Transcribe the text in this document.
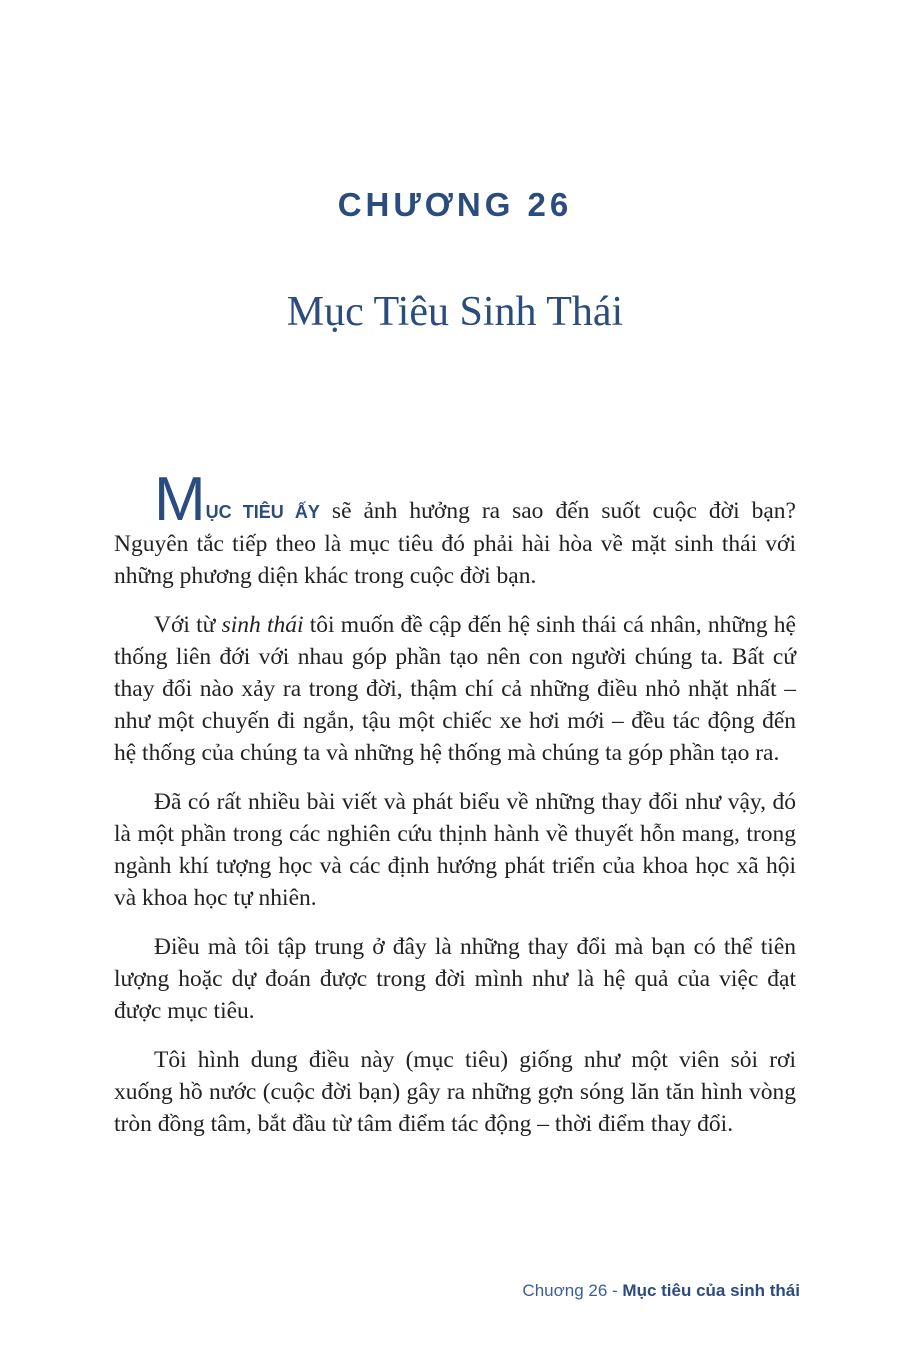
CHƯƠNG 26
Mục Tiêu Sinh Thái

MỤC TIÊU ẤY sẽ ảnh hưởng ra sao đến suốt cuộc đời bạn? Nguyên tắc tiếp theo là mục tiêu đó phải hài hòa về mặt sinh thái với những phương diện khác trong cuộc đời bạn.

Với từ sinh thái tôi muốn đề cập đến hệ sinh thái cá nhân, những hệ thống liên đới với nhau góp phần tạo nên con người chúng ta. Bất cứ thay đổi nào xảy ra trong đời, thậm chí cả những điều nhỏ nhặt nhất – như một chuyến đi ngắn, tậu một chiếc xe hơi mới – đều tác động đến hệ thống của chúng ta và những hệ thống mà chúng ta góp phần tạo ra.

Đã có rất nhiều bài viết và phát biểu về những thay đổi như vậy, đó là một phần trong các nghiên cứu thịnh hành về thuyết hỗn mang, trong ngành khí tượng học và các định hướng phát triển của khoa học xã hội và khoa học tự nhiên.

Điều mà tôi tập trung ở đây là những thay đổi mà bạn có thể tiên lượng hoặc dự đoán được trong đời mình như là hệ quả của việc đạt được mục tiêu.

Tôi hình dung điều này (mục tiêu) giống như một viên sỏi rơi xuống hồ nước (cuộc đời bạn) gây ra những gợn sóng lăn tăn hình vòng tròn đồng tâm, bắt đầu từ tâm điểm tác động – thời điểm thay đổi.

Chuơng 26 - Mục tiêu của sinh thái
